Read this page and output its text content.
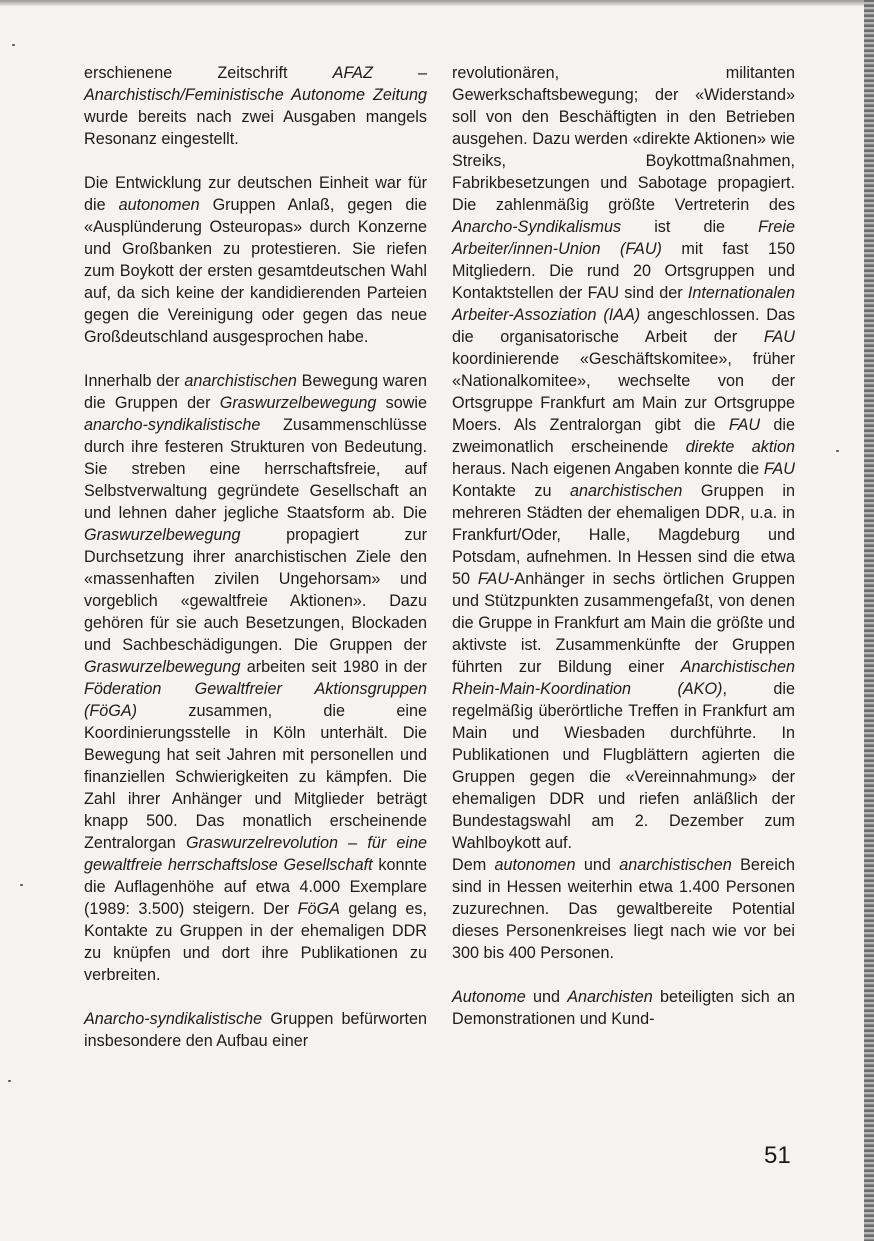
erschienene Zeitschrift AFAZ – Anarchistisch/Feministische Autonome Zeitung wurde bereits nach zwei Ausgaben mangels Resonanz eingestellt.

Die Entwicklung zur deutschen Einheit war für die autonomen Gruppen Anlaß, gegen die «Ausplünderung Osteuropas» durch Konzerne und Großbanken zu protestieren. Sie riefen zum Boykott der ersten gesamtdeutschen Wahl auf, da sich keine der kandidierenden Parteien gegen die Vereinigung oder gegen das neue Großdeutschland ausgesprochen habe.

Innerhalb der anarchistischen Bewegung waren die Gruppen der Graswurzelbewegung sowie anarcho-syndikalistische Zusammenschlüsse durch ihre festeren Strukturen von Bedeutung. Sie streben eine herrschaftsfreie, auf Selbstverwaltung gegründete Gesellschaft an und lehnen daher jegliche Staatsform ab. Die Graswurzelbewegung propagiert zur Durchsetzung ihrer anarchistischen Ziele den «massenhaften zivilen Ungehorsam» und vorgeblich «gewaltfreie Aktionen». Dazu gehören für sie auch Besetzungen, Blockaden und Sachbeschädigungen. Die Gruppen der Graswurzelbewegung arbeiten seit 1980 in der Föderation Gewaltfreier Aktionsgruppen (FöGA) zusammen, die eine Koordinierungsstelle in Köln unterhält. Die Bewegung hat seit Jahren mit personellen und finanziellen Schwierigkeiten zu kämpfen. Die Zahl ihrer Anhänger und Mitglieder beträgt knapp 500. Das monatlich erscheinende Zentralorgan Graswurzelrevolution – für eine gewaltfreie herrschaftslose Gesellschaft konnte die Auflagenhöhe auf etwa 4.000 Exemplare (1989: 3.500) steigern. Der FöGA gelang es, Kontakte zu Gruppen in der ehemaligen DDR zu knüpfen und dort ihre Publikationen zu verbreiten.

Anarcho-syndikalistische Gruppen befürworten insbesondere den Aufbau einer

revolutionären, militanten Gewerkschaftsbewegung; der «Widerstand» soll von den Beschäftigten in den Betrieben ausgehen. Dazu werden «direkte Aktionen» wie Streiks, Boykottmaßnahmen, Fabrikbesetzungen und Sabotage propagiert. Die zahlenmäßig größte Vertreterin des Anarcho-Syndikalismus ist die Freie Arbeiter/innen-Union (FAU) mit fast 150 Mitgliedern. Die rund 20 Ortsgruppen und Kontaktstellen der FAU sind der Internationalen Arbeiter-Assoziation (IAA) angeschlossen. Das die organisatorische Arbeit der FAU koordinierende «Geschäftskomitee», früher «Nationalkomitee», wechselte von der Ortsgruppe Frankfurt am Main zur Ortsgruppe Moers. Als Zentralorgan gibt die FAU die zweimonatlich erscheinende direkte aktion heraus. Nach eigenen Angaben konnte die FAU Kontakte zu anarchistischen Gruppen in mehreren Städten der ehemaligen DDR, u.a. in Frankfurt/Oder, Halle, Magdeburg und Potsdam, aufnehmen. In Hessen sind die etwa 50 FAU-Anhänger in sechs örtlichen Gruppen und Stützpunkten zusammengefaßt, von denen die Gruppe in Frankfurt am Main die größte und aktivste ist. Zusammenkünfte der Gruppen führten zur Bildung einer Anarchistischen Rhein-Main-Koordination (AKO), die regelmäßig überörtliche Treffen in Frankfurt am Main und Wiesbaden durchführte. In Publikationen und Flugblättern agierten die Gruppen gegen die «Vereinnahmung» der ehemaligen DDR und riefen anläßlich der Bundestagswahl am 2. Dezember zum Wahlboykott auf.

Dem autonomen und anarchistischen Bereich sind in Hessen weiterhin etwa 1.400 Personen zuzurechnen. Das gewaltbereite Potential dieses Personenkreises liegt nach wie vor bei 300 bis 400 Personen.

Autonome und Anarchisten beteiligten sich an Demonstrationen und Kund-

51
